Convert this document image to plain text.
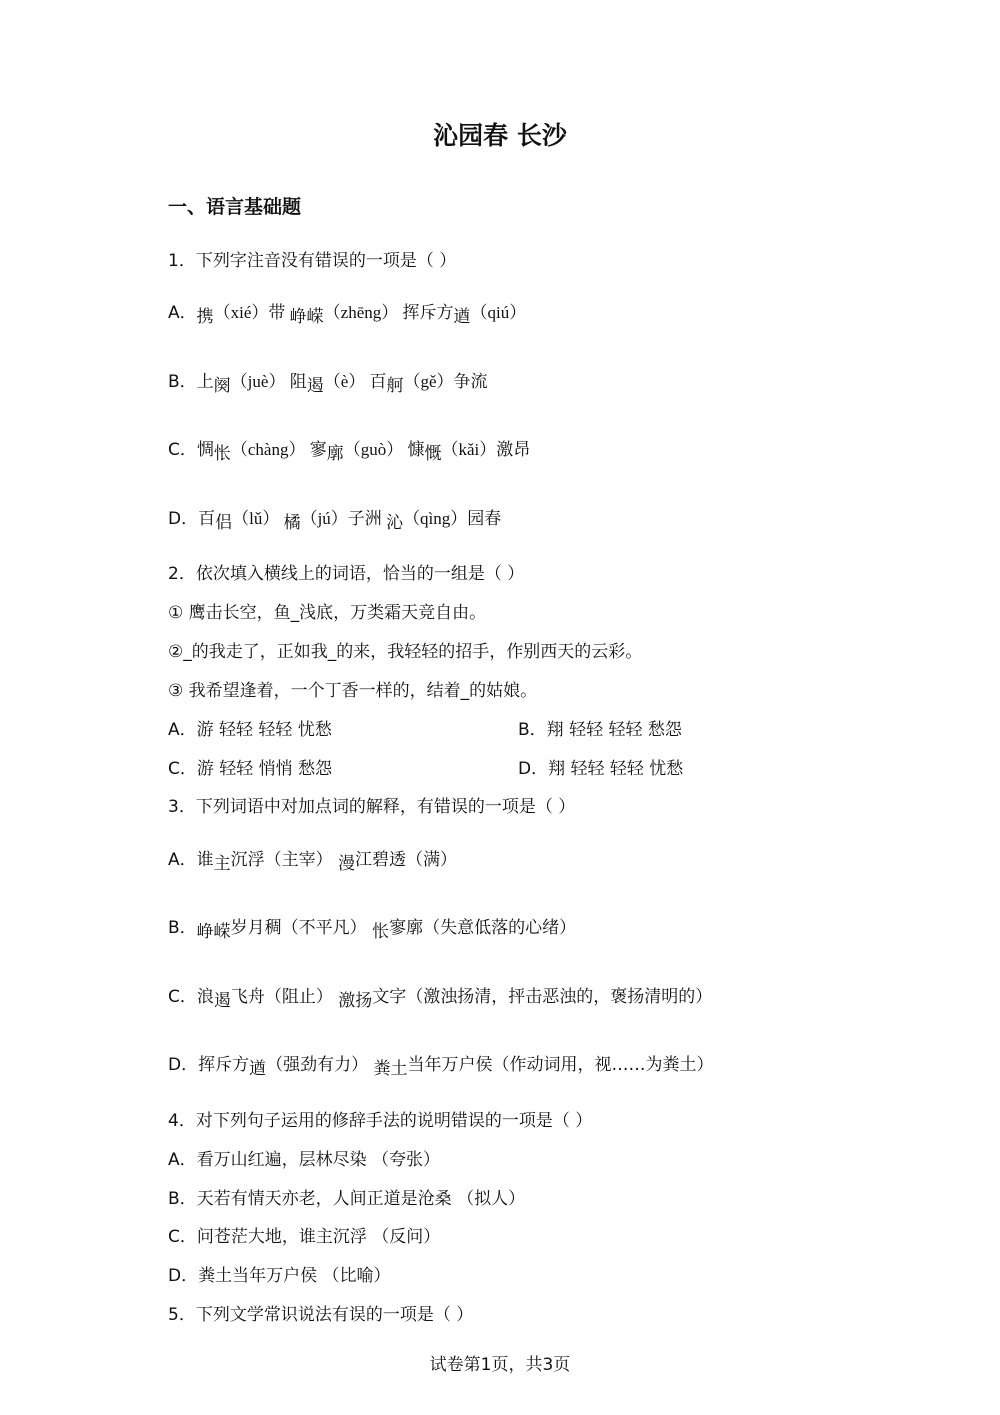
沁园春 长沙
一、语言基础题
1．下列字注音没有错误的一项是（ ）
A．携（xié）带 峥嵘（zhēng） 挥斥方遒（qiú）
B．上阕（juè） 阻遏（è） 百舸（gě）争流
C．惆怅（chàng） 寥廓（guò） 慷慨（kǎi）激昂
D．百侣（lǔ） 橘（jú）子洲 沁（qìng）园春
2．依次填入横线上的词语，恰当的一组是（ ）
① 鹰击长空，鱼_浅底，万类霜天竞自由。
②_的我走了，正如我_的来，我轻轻的招手，作别西天的云彩。
③ 我希望逢着，一个丁香一样的，结着_的姑娘。
A．游 轻轻 轻轻 忧愁	B．翔 轻轻 轻轻 愁怨
C．游 轻轻 悄悄 愁怨	D．翔 轻轻 轻轻 忧愁
3．下列词语中对加点词的解释，有错误的一项是（ ）
A．谁主沉浮（主宰） 漫江碧透（满）
B．峥嵘岁月稠（不平凡） 怅寥廓（失意低落的心绪）
C．浪遏飞舟（阻止） 激扬文字（激浊扬清，抨击恶浊的，褒扬清明的）
D．挥斥方遒（强劲有力） 粪土当年万户侯（作动词用，视……为粪土）
4．对下列句子运用的修辞手法的说明错误的一项是（ ）
A．看万山红遍，层林尽染 （夸张）
B．天若有情天亦老，人间正道是沧桑 （拟人）
C．问苍茫大地，谁主沉浮 （反问）
D．粪土当年万户侯 （比喻）
5．下列文学常识说法有误的一项是（ ）
试卷第1页，共3页
